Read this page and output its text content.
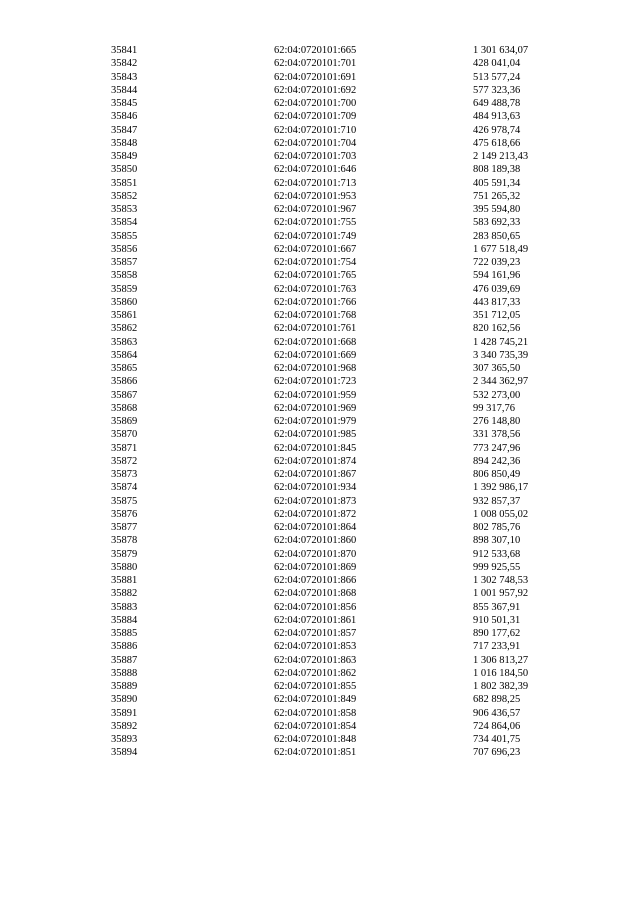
35841	62:04:0720101:665	1 301 634,07
35842	62:04:0720101:701	428 041,04
35843	62:04:0720101:691	513 577,24
35844	62:04:0720101:692	577 323,36
35845	62:04:0720101:700	649 488,78
35846	62:04:0720101:709	484 913,63
35847	62:04:0720101:710	426 978,74
35848	62:04:0720101:704	475 618,66
35849	62:04:0720101:703	2 149 213,43
35850	62:04:0720101:646	808 189,38
35851	62:04:0720101:713	405 591,34
35852	62:04:0720101:953	751 265,32
35853	62:04:0720101:967	395 594,80
35854	62:04:0720101:755	583 692,33
35855	62:04:0720101:749	283 850,65
35856	62:04:0720101:667	1 677 518,49
35857	62:04:0720101:754	722 039,23
35858	62:04:0720101:765	594 161,96
35859	62:04:0720101:763	476 039,69
35860	62:04:0720101:766	443 817,33
35861	62:04:0720101:768	351 712,05
35862	62:04:0720101:761	820 162,56
35863	62:04:0720101:668	1 428 745,21
35864	62:04:0720101:669	3 340 735,39
35865	62:04:0720101:968	307 365,50
35866	62:04:0720101:723	2 344 362,97
35867	62:04:0720101:959	532 273,00
35868	62:04:0720101:969	99 317,76
35869	62:04:0720101:979	276 148,80
35870	62:04:0720101:985	331 378,56
35871	62:04:0720101:845	773 247,96
35872	62:04:0720101:874	894 242,36
35873	62:04:0720101:867	806 850,49
35874	62:04:0720101:934	1 392 986,17
35875	62:04:0720101:873	932 857,37
35876	62:04:0720101:872	1 008 055,02
35877	62:04:0720101:864	802 785,76
35878	62:04:0720101:860	898 307,10
35879	62:04:0720101:870	912 533,68
35880	62:04:0720101:869	999 925,55
35881	62:04:0720101:866	1 302 748,53
35882	62:04:0720101:868	1 001 957,92
35883	62:04:0720101:856	855 367,91
35884	62:04:0720101:861	910 501,31
35885	62:04:0720101:857	890 177,62
35886	62:04:0720101:853	717 233,91
35887	62:04:0720101:863	1 306 813,27
35888	62:04:0720101:862	1 016 184,50
35889	62:04:0720101:855	1 802 382,39
35890	62:04:0720101:849	682 898,25
35891	62:04:0720101:858	906 436,57
35892	62:04:0720101:854	724 864,06
35893	62:04:0720101:848	734 401,75
35894	62:04:0720101:851	707 696,23
